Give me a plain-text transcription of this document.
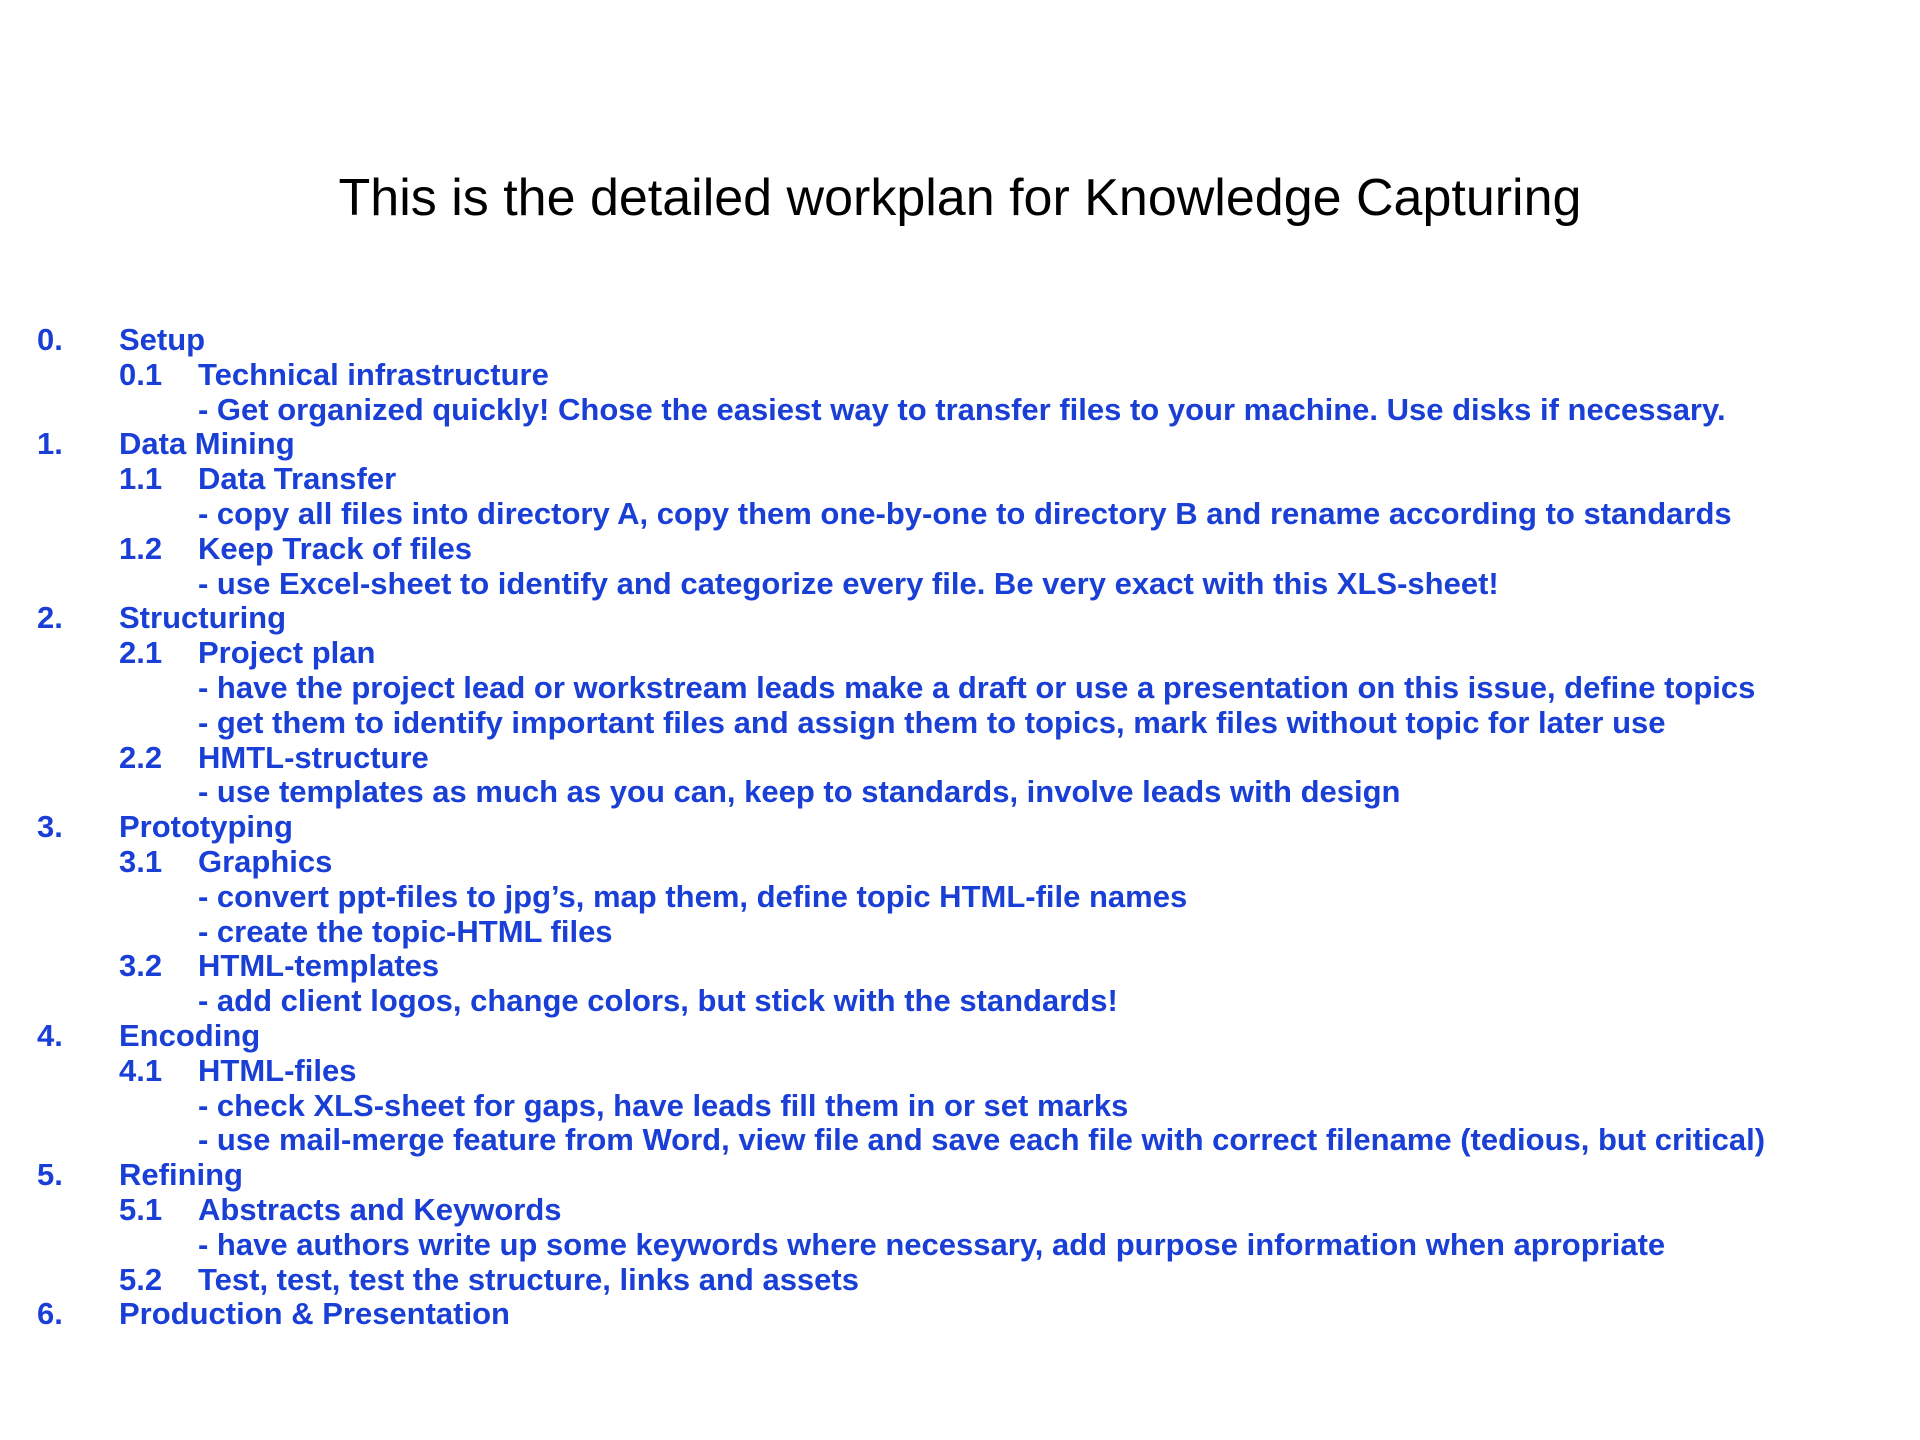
This is the detailed workplan for Knowledge Capturing
0. Setup
0.1 Technical infrastructure
- Get organized quickly! Chose the easiest way to transfer files to your machine. Use disks if necessary.
1. Data Mining
1.1 Data Transfer
- copy all files into directory A, copy them one-by-one to directory B and rename according to standards
1.2 Keep Track of files
- use Excel-sheet to identify and categorize every file. Be very exact with this XLS-sheet!
2. Structuring
2.1 Project plan
- have the project lead or workstream leads make a draft or use a presentation on this issue, define topics
- get them to identify important files and assign them to topics, mark files without topic for later use
2.2 HMTL-structure
- use templates as much as you can, keep to standards, involve leads with design
3. Prototyping
3.1 Graphics
- convert ppt-files to jpg’s, map them, define topic HTML-file names
- create the topic-HTML files
3.2 HTML-templates
- add client logos, change colors, but stick with the standards!
4. Encoding
4.1 HTML-files
- check XLS-sheet for gaps, have leads fill them in or set marks
- use mail-merge feature from Word, view file and save each file with correct filename (tedious, but critical)
5. Refining
5.1 Abstracts and Keywords
- have authors write up some keywords where necessary, add purpose information when apropriate
5.2 Test, test, test the structure, links and assets
6. Production & Presentation
